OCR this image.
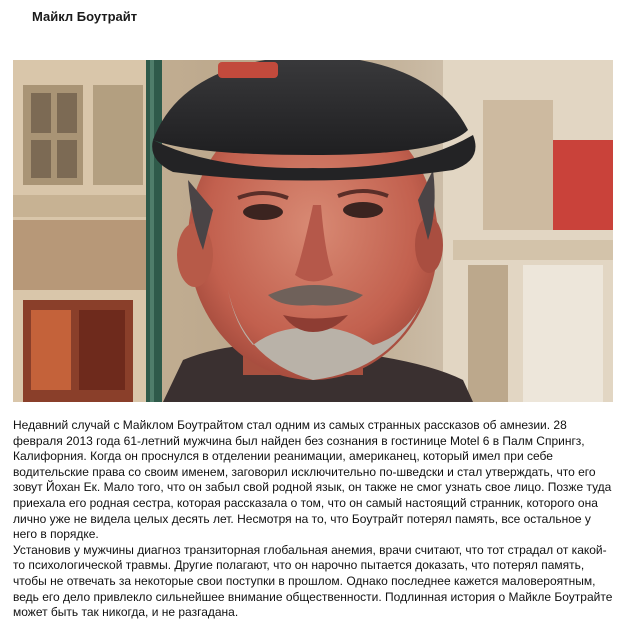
Майкл Боутрайт

Недавний случай с Майклом Боутрайтом стал одним из самых странных рассказов об амнезии. 28 февраля 2013 года 61-летний мужчина был найден без сознания в гостинице Motel 6 в Палм Спрингз, Калифорния. Когда он проснулся в отделении реанимации, американец, который имел при себе водительские права со своим именем, заговорил исключительно по-шведски и стал утверждать, что его зовут Йохан Ек. Мало того, что он забыл свой родной язык, он также не смог узнать свое лицо. Позже туда приехала его родная сестра, которая рассказала о том, что он самый настоящий странник, которого она лично уже не видела целых десять лет. Несмотря на то, что Боутрайт потерял память, все остальное у него в порядке.

Установив у мужчины диагноз транзиторная глобальная анемия, врачи считают, что тот страдал от какой-то психологической травмы. Другие полагают, что он нарочно пытается доказать, что потерял память, чтобы не отвечать за некоторые свои поступки в прошлом. Однако последнее кажется маловероятным, ведь его дело привлекло сильнейшее внимание общественности. Подлинная история о Майкле Боутрайте может быть так никогда, и не разгадана.
